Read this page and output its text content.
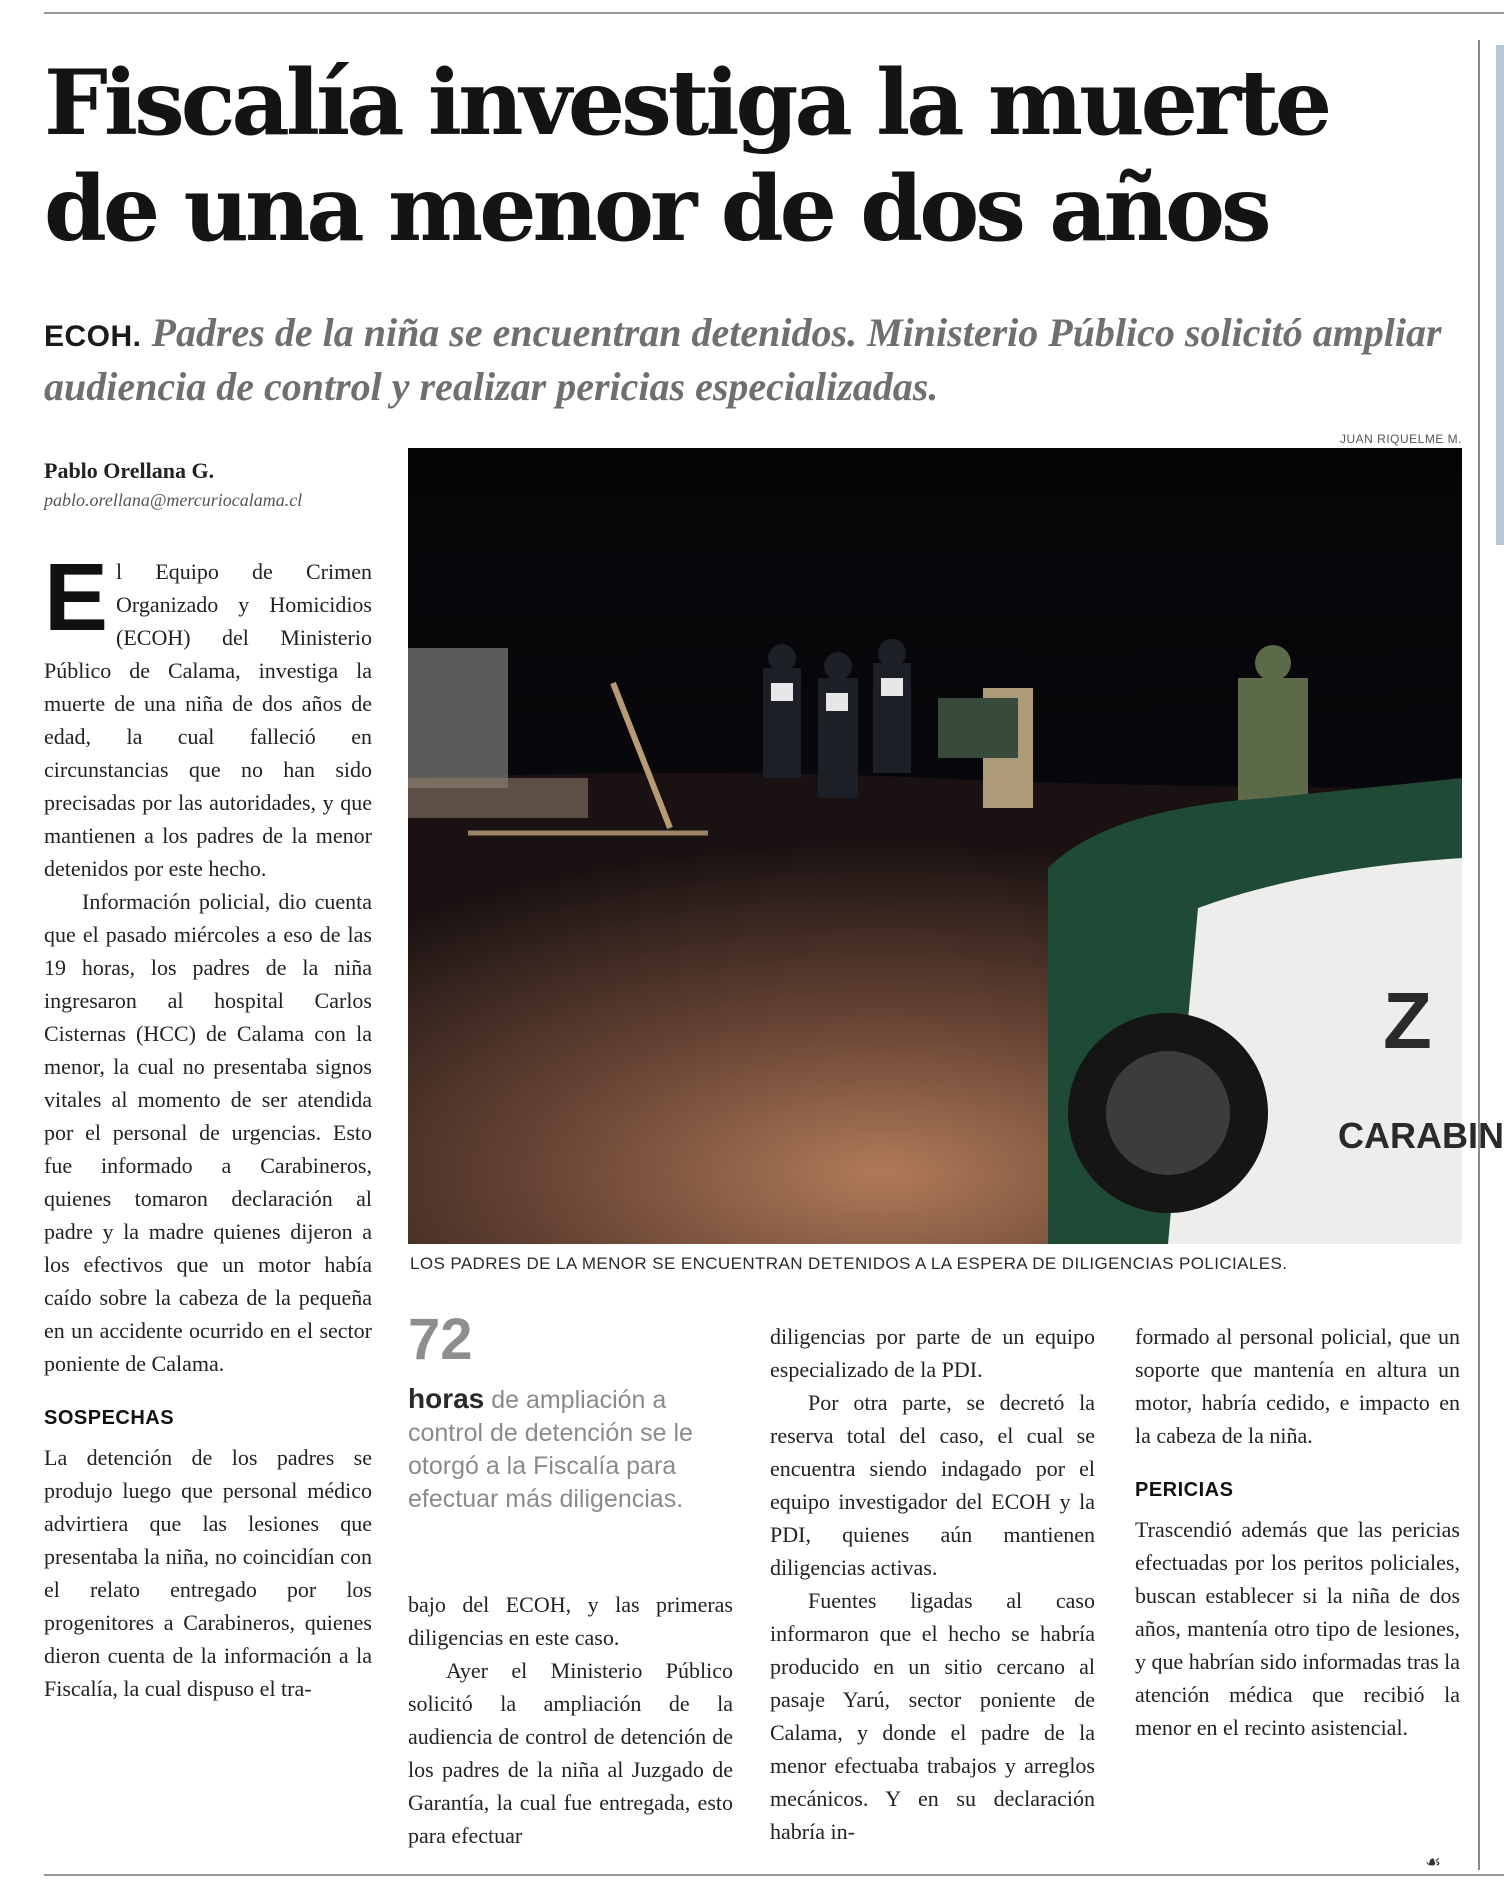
Fiscalía investiga la muerte de una menor de dos años

ECOH. Padres de la niña se encuentran detenidos. Ministerio Público solicitó ampliar audiencia de control y realizar pericias especializadas.

JUAN RIQUELME M.
Pablo Orellana G.
pablo.orellana@mercuriocalama.cl

El Equipo de Crimen Organizado y Homicidios (ECOH) del Ministerio Público de Calama, investiga la muerte de una niña de dos años de edad, la cual falleció en circunstancias que no han sido precisadas por las autoridades, y que mantienen a los padres de la menor detenidos por este hecho.

Información policial, dio cuenta que el pasado miércoles a eso de las 19 horas, los padres de la niña ingresaron al hospital Carlos Cisternas (HCC) de Calama con la menor, la cual no presentaba signos vitales al momento de ser atendida por el personal de urgencias. Esto fue informado a Carabineros, quienes tomaron declaración al padre y la madre quienes dijeron a los efectivos que un motor había caído sobre la cabeza de la pequeña en un accidente ocurrido en el sector poniente de Calama.

SOSPECHAS

La detención de los padres se produjo luego que personal médico advirtiera que las lesiones que presentaba la niña, no coincidían con el relato entregado por los progenitores a Carabineros, quienes dieron cuenta de la información a la Fiscalía, la cual dispuso el tra-

Z
CARABIN
LOS PADRES DE LA MENOR SE ENCUENTRAN DETENIDOS A LA ESPERA DE DILIGENCIAS POLICIALES.
72
horas de ampliación a control de detención se le otorgó a la Fiscalía para efectuar más diligencias.

bajo del ECOH, y las primeras diligencias en este caso.

Ayer el Ministerio Público solicitó la ampliación de la audiencia de control de detención de los padres de la niña al Juzgado de Garantía, la cual fue entregada, esto para efectuar

diligencias por parte de un equipo especializado de la PDI.

Por otra parte, se decretó la reserva total del caso, el cual se encuentra siendo indagado por el equipo investigador del ECOH y la PDI, quienes aún mantienen diligencias activas.

Fuentes ligadas al caso informaron que el hecho se habría producido en un sitio cercano al pasaje Yarú, sector poniente de Calama, y donde el padre de la menor efectuaba trabajos y arreglos mecánicos. Y en su declaración habría in-

formado al personal policial, que un soporte que mantenía en altura un motor, habría cedido, e impacto en la cabeza de la niña.

PERICIAS

Trascendió además que las pericias efectuadas por los peritos policiales, buscan establecer si la niña de dos años, mantenía otro tipo de lesiones, y que habrían sido informadas tras la atención médica que recibió la menor en el recinto asistencial.

☙
